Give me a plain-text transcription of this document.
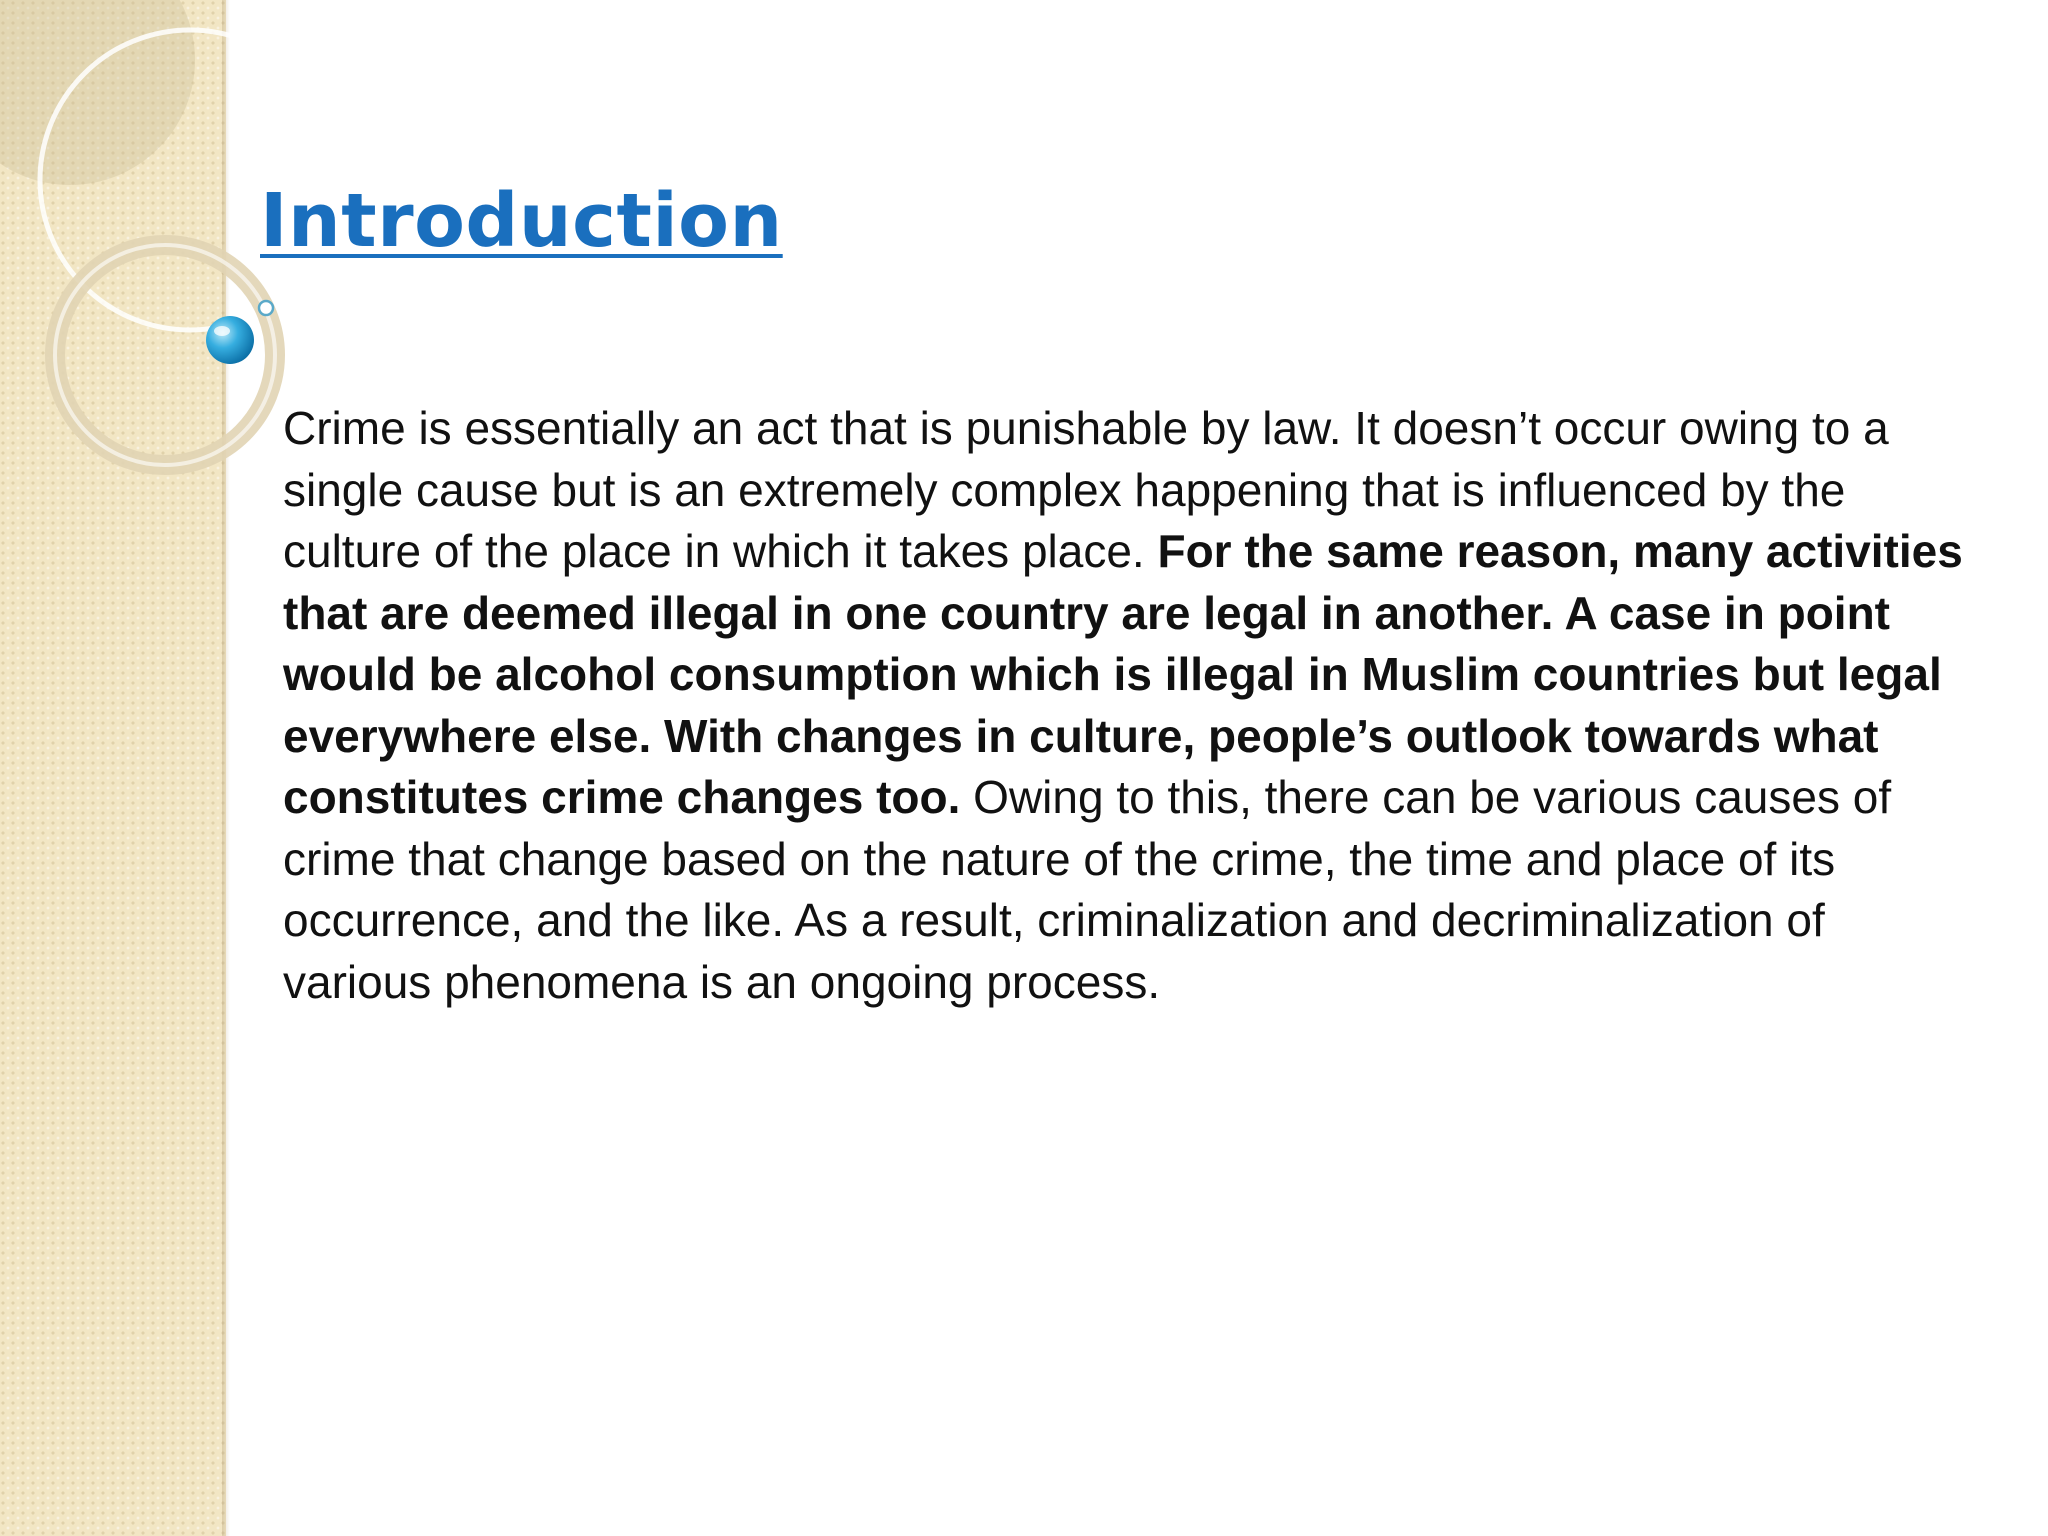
Introduction

Crime is essentially an act that is punishable by law. It doesn’t occur owing to a single cause but is an extremely complex happening that is influenced by the culture of the place in which it takes place. For the same reason, many activities that are deemed illegal in one country are legal in another. A case in point would be alcohol consumption which is illegal in Muslim countries but legal everywhere else. With changes in culture, people’s outlook towards what constitutes crime changes too. Owing to this, there can be various causes of crime that change based on the nature of the crime, the time and place of its occurrence, and the like. As a result, criminalization and decriminalization of various phenomena is an ongoing process.
